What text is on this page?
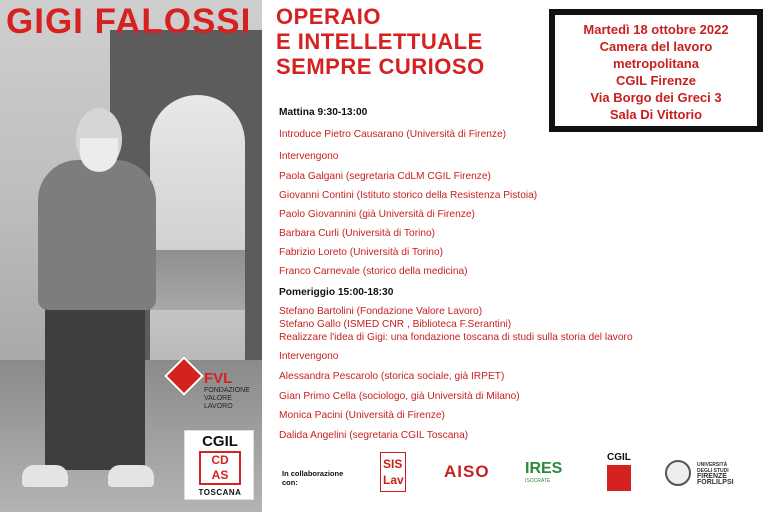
GIGI FALOSSI
FVL
FONDAZIONE
VALORE LAVORO
CGIL
CD
AS
TOSCANA
OPERAIO
E INTELLETTUALE
SEMPRE CURIOSO
Martedì 18 ottobre 2022
Camera del lavoro
metropolitana
CGIL Firenze
Via Borgo dei Greci 3
Sala Di Vittorio
Mattina 9:30-13:00
Introduce Pietro Causarano (Università di Firenze)
Intervengono
Paola Galgani (segretaria CdLM CGIL Firenze)
Giovanni Contini (Istituto storico della Resistenza Pistoia)
Paolo Giovannini (già Università di Firenze)
Barbara Curli (Università di Torino)
Fabrizio Loreto (Università di Torino)
Franco Carnevale (storico della medicina)
Pomeriggio 15:00-18:30
Stefano Bartolini (Fondazione Valore Lavoro)
Stefano Gallo (ISMED CNR , Biblioteca F.Serantini)
Realizzare l'idea di Gigi: una fondazione toscana di studi sulla storia del lavoro
Intervengono
Alessandra Pescarolo (storica sociale, già IRPET)
Gian Primo Cella (sociologo, già Università di Milano)
Monica Pacini (Università di Firenze)
Dalida Angelini (segretaria CGIL Toscana)
In collaborazione
con:
SIS
Lav AISO IRES
ISOCRATE
CGIL
UNIVERSITÀ
DEGLI STUDI
FIRENZE
FORLILPSI
